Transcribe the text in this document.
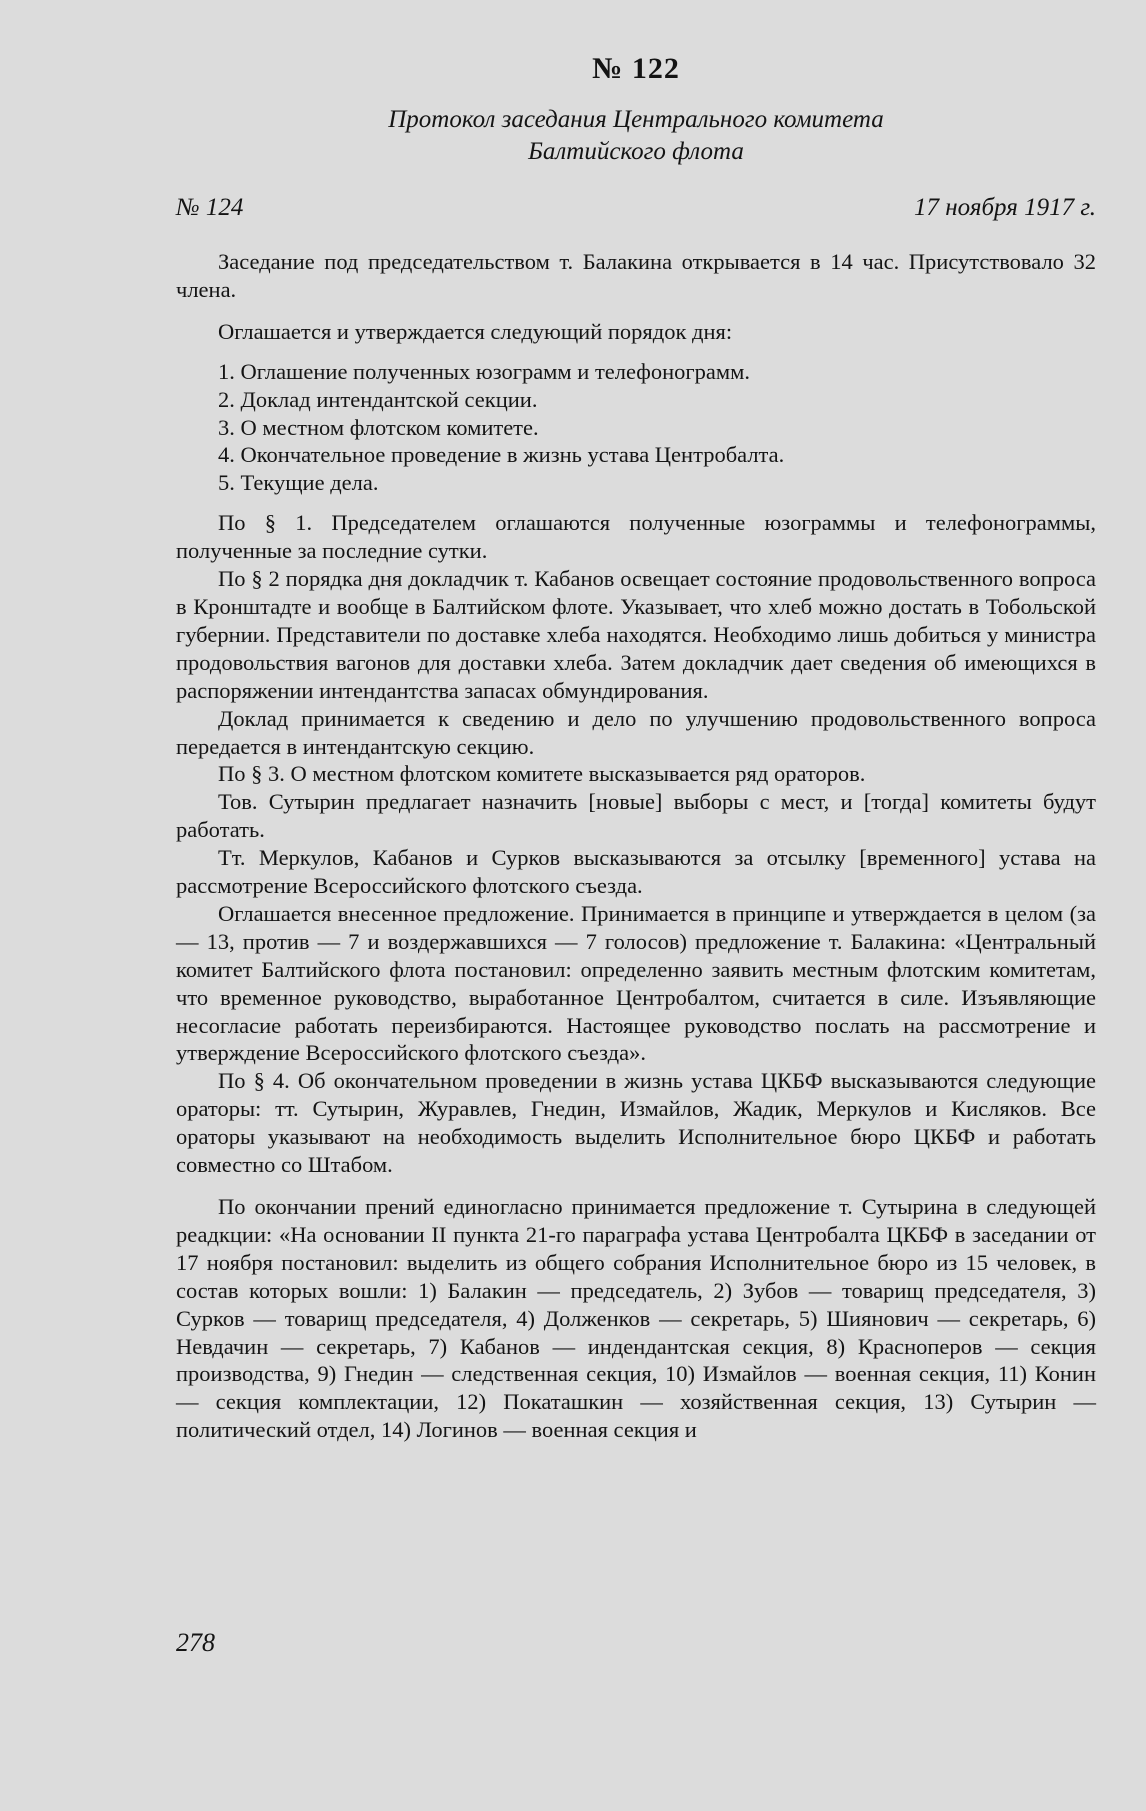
№ 122
Протокол заседания Центрального комитета
Балтийского флота
№ 124	17 ноября 1917 г.

Заседание под председательством т. Балакина открывается в 14 час. Присутствовало 32 члена.

Оглашается и утверждается следующий порядок дня:

1. Оглашение полученных юзограмм и телефонограмм.
2. Доклад интендантской секции.
3. О местном флотском комитете.
4. Окончательное проведение в жизнь устава Центробалта.
5. Текущие дела.

По § 1. Председателем оглашаются полученные юзограммы и телефонограммы, полученные за последние сутки.

По § 2 порядка дня докладчик т. Кабанов освещает состояние продовольственного вопроса в Кронштадте и вообще в Балтийском флоте. Указывает, что хлеб можно достать в Тобольской губернии. Представители по доставке хлеба находятся. Необходимо лишь добиться у министра продовольствия вагонов для доставки хлеба. Затем докладчик дает сведения об имеющихся в распоряжении интендантства запасах обмундирования.

Доклад принимается к сведению и дело по улучшению продовольственного вопроса передается в интендантскую секцию.

По § 3. О местном флотском комитете высказывается ряд ораторов.

Тов. Сутырин предлагает назначить [новые] выборы с мест, и [тогда] комитеты будут работать.

Тт. Меркулов, Кабанов и Сурков высказываются за отсылку [временного] устава на рассмотрение Всероссийского флотского съезда.

Оглашается внесенное предложение. Принимается в принципе и утверждается в целом (за — 13, против — 7 и воздержавшихся — 7 голосов) предложение т. Балакина: «Центральный комитет Балтийского флота постановил: определенно заявить местным флотским комитетам, что временное руководство, выработанное Центробалтом, считается в силе. Изъявляющие несогласие работать переизбираются. Настоящее руководство послать на рассмотрение и утверждение Всероссийского флотского съезда».

По § 4. Об окончательном проведении в жизнь устава ЦКБФ высказываются следующие ораторы: тт. Сутырин, Журавлев, Гнедин, Измайлов, Жадик, Меркулов и Кисляков. Все ораторы указывают на необходимость выделить Исполнительное бюро ЦКБФ и работать совместно со Штабом.

По окончании прений единогласно принимается предложение т. Сутырина в следующей реадкции: «На основании II пункта 21-го параграфа устава Центробалта ЦКБФ в заседании от 17 ноября постановил: выделить из общего собрания Исполнительное бюро из 15 человек, в состав которых вошли: 1) Балакин — председатель, 2) Зубов — товарищ председателя, 3) Сурков — товарищ председателя, 4) Долженков — секретарь, 5) Шиянович — секретарь, 6) Невдачин — секретарь, 7) Кабанов — индендантская секция, 8) Красноперов — секция производства, 9) Гнедин — следственная секция, 10) Измайлов — военная секция, 11) Конин — секция комплектации, 12) Покаташкин — хозяйственная секция, 13) Сутырин — политический отдел, 14) Логинов — военная секция и

278
